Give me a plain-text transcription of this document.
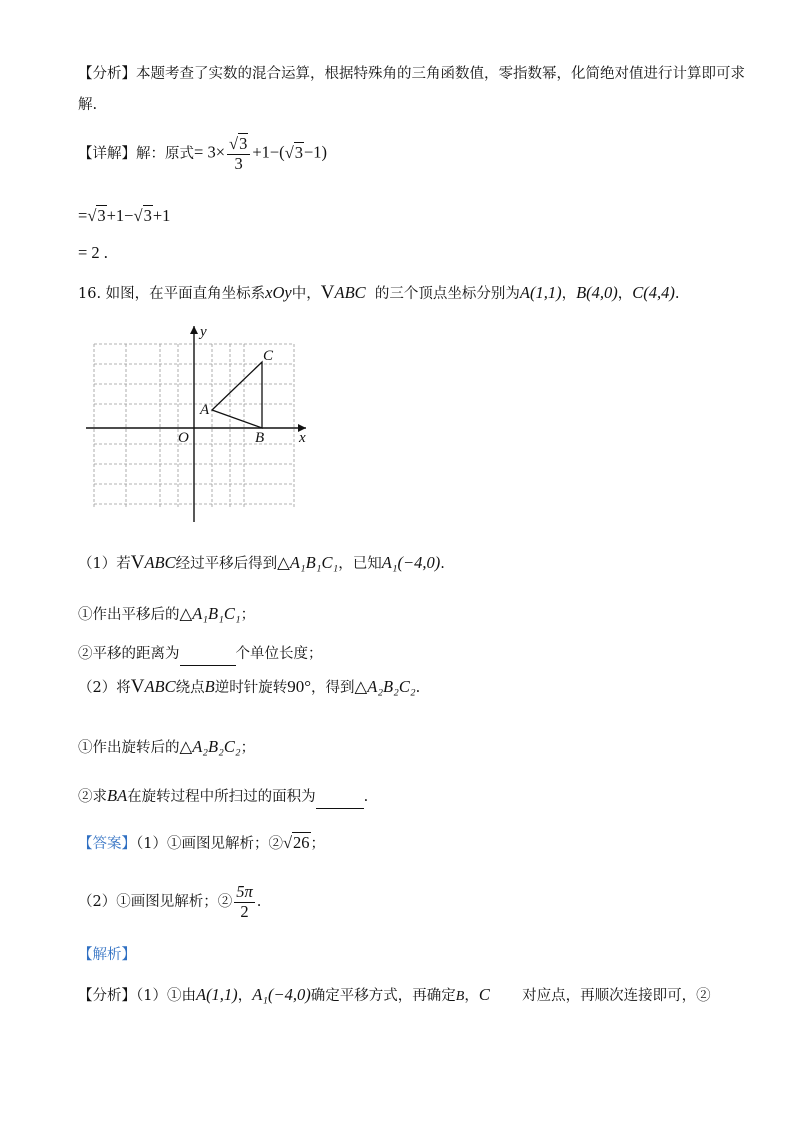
【分析】本题考查了实数的混合运算，根据特殊角的三角函数值，零指数幂，化简绝对值进行计算即可求
解.
【详解】 解：原式 = $3\times \frac{√3}{3} +1-(√3-1)$
=√3+1−√3+1
= 2 .
16. 如图，在平面直角坐标系xOy中，VABC 的三个顶点坐标分别为A(1,1)，B(4,0)，C(4,4).
A
B
C
O	x
y
（1）若VABC经过平移后得到△A₁B₁C₁，已知A₁(−4,0).
①作出平移后的△A₁B₁C₁；
②平移的距离为	个单位长度；
（2）将VABC绕点B逆时针旋转90°，得到△A₂B₂C₂.
①作出旋转后的△A₂B₂C₂；
②求BA在旋转过程中所扫过的面积为	.
【答案】（1）①画图见解析；②√26；
（2）①画图见解析；② $\frac{5\pi}{2}$ .
【解析】
【分析】（1）①由A(1,1)，A₁(−4,0)确定平移方式，再确定B，C 对应点，再顺次连接即可，②
